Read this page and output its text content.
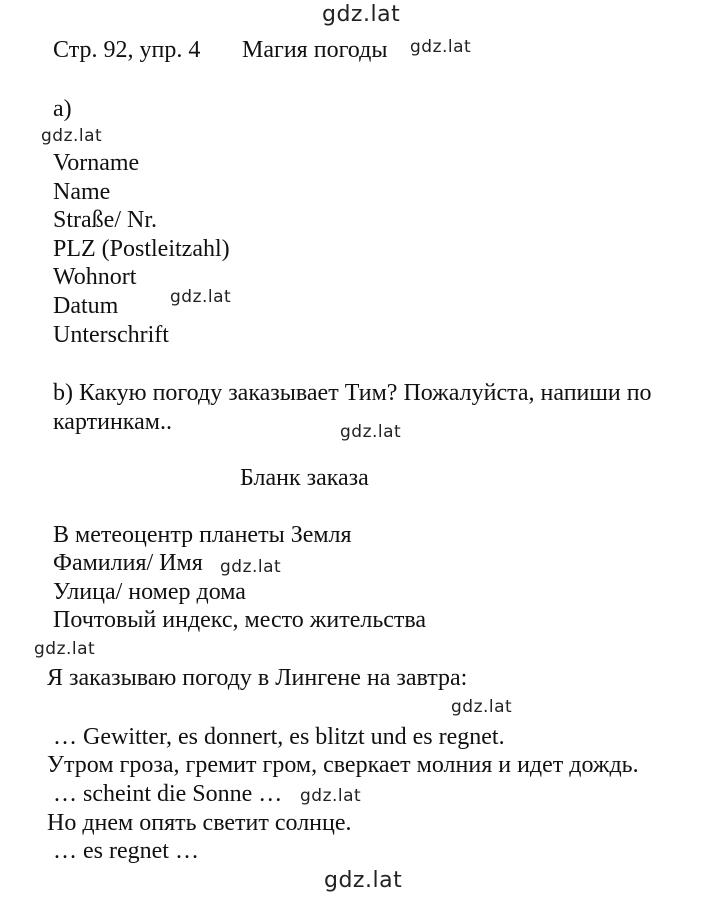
gdz.lat
gdz.lat
gdz.lat
gdz.lat
gdz.lat
gdz.lat
gdz.lat
gdz.lat
gdz.lat
gdz.lat
Стр. 92, упр. 4 Магия погоды
a)
Vorname
Name
Straße/ Nr.
PLZ (Postleitzahl)
Wohnort
Datum
Unterschrift
b) Какую погоду заказывает Тим? Пожалуйста, напиши по
картинкам..
Бланк заказа
В метеоцентр планеты Земля
Фамилия/ Имя
Улица/ номер дома
Почтовый индекс, место жительства
Я заказываю погоду в Лингене на завтра:
… Gewitter, es donnert, es blitzt und es regnet.
Утром гроза, гремит гром, сверкает молния и идет дождь.
… scheint die Sonne …
Но днем опять светит солнце.
… es regnet …
